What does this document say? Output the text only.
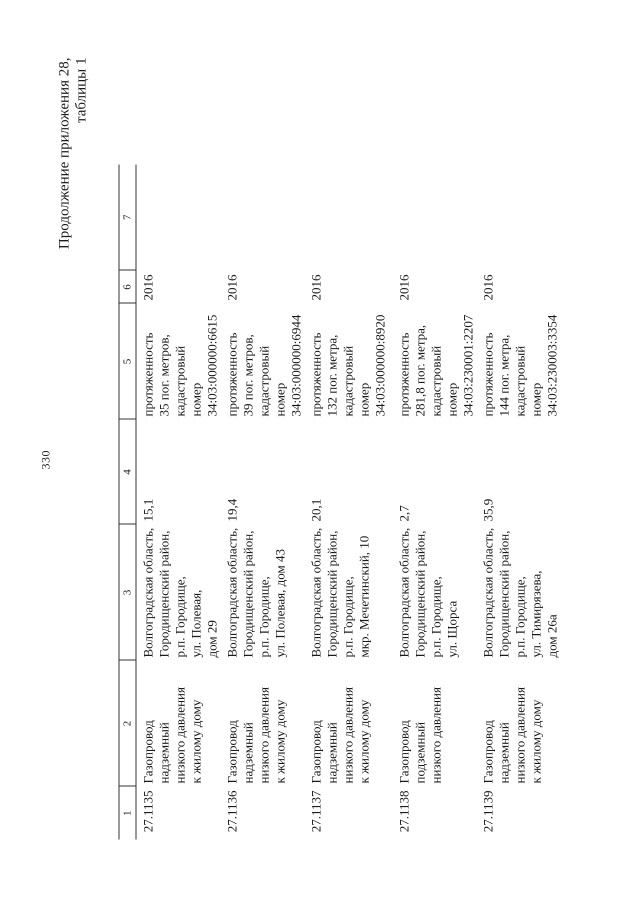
330
Продолжение приложения 28, таблицы 1
1	2	3	4	5	6	7
27.1135	Газопровод надземный
низкого давления
к жилому дому	Волгоградская область,
Городищенский район,
р.п. Городище,
ул. Полевая,
дом 29	15,1	протяженность
35 пог. метров,
кадастровый
номер
34:03:000000:6615	2016	
27.1136	Газопровод надземный
низкого давления
к жилому дому	Волгоградская область,
Городищенский район,
р.п. Городище,
ул. Полевая, дом 43	19,4	протяженность
39 пог. метров,
кадастровый
номер
34:03:000000:6944	2016	
27.1137	Газопровод надземный
низкого давления
к жилому дому	Волгоградская область,
Городищенский район,
р.п. Городище,
мкр. Мечетинский, 10	20,1	протяженность
132 пог. метра,
кадастровый
номер
34:03:000000:8920	2016	
27.1138	Газопровод подземный
низкого давления	Волгоградская область,
Городищенский район,
р.п. Городище,
ул. Щорса	2,7	протяженность
281,8 пог. метра,
кадастровый
номер
34:03:230001:2207	2016	
27.1139	Газопровод надземный
низкого давления
к жилому дому	Волгоградская область,
Городищенский район,
р.п. Городище,
ул. Тимирязева,
дом 26а	35,9	протяженность
144 пог. метра,
кадастровый
номер
34:03:230003:3354	2016	
